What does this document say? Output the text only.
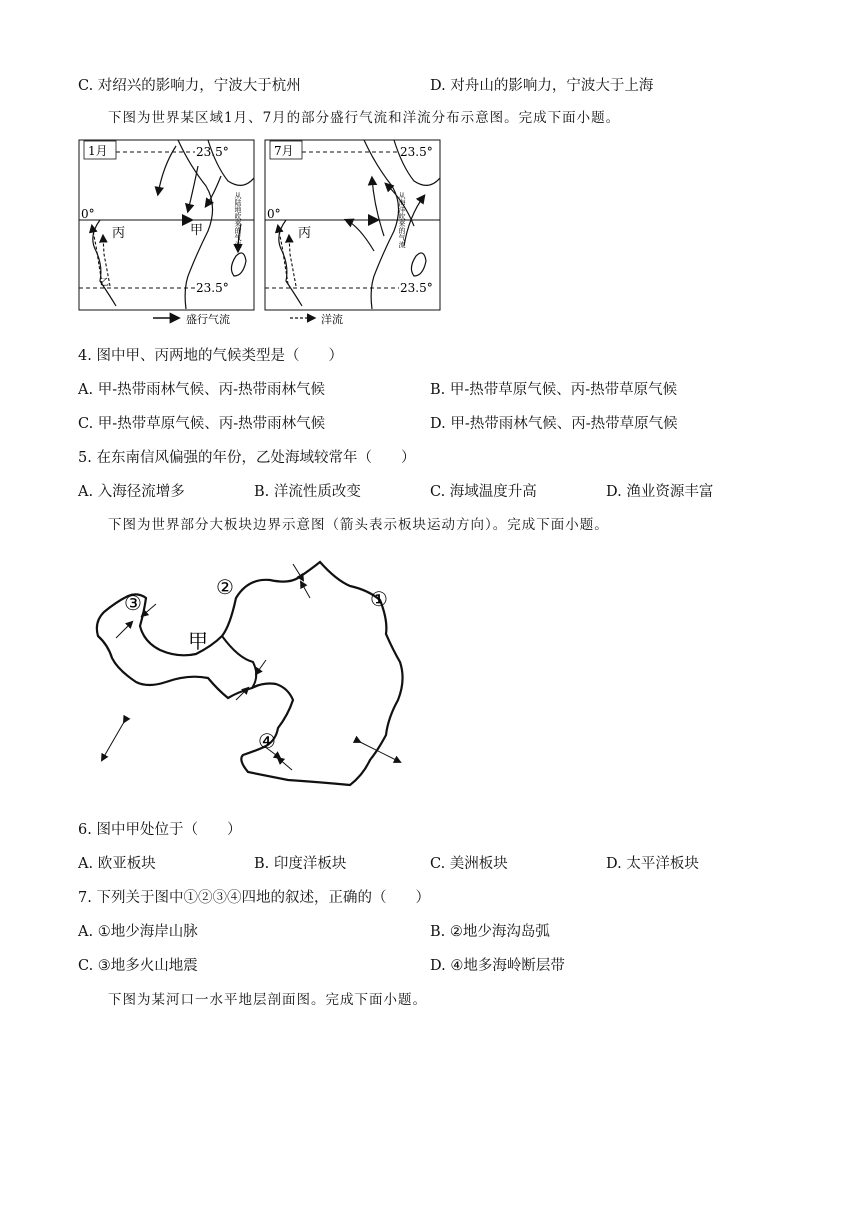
C. 对绍兴的影响力，宁波大于杭州	D. 对舟山的影响力，宁波大于上海
下图为世界某区域1月、7月的部分盛行气流和洋流分布示意图。完成下面小题。
1月	23.5°
0°
23.5°
丙	甲	从陆地吹来的气流
乙
7月	23.5°
0°
23.5°
丙	从海洋吹来的气流
盛行气流	洋流
4. 图中甲、丙两地的气候类型是（　　）
A. 甲-热带雨林气候、丙-热带雨林气候	B. 甲-热带草原气候、丙-热带草原气候
C. 甲-热带草原气候、丙-热带雨林气候	D. 甲-热带雨林气候、丙-热带草原气候
5. 在东南信风偏强的年份，乙处海域较常年（　　）
A. 入海径流增多	B. 洋流性质改变	C. 海域温度升高	D. 渔业资源丰富
下图为世界部分大板块边界示意图（箭头表示板块运动方向）。完成下面小题。
甲
①
②
③
④
6. 图中甲处位于（　　）
A. 欧亚板块	B. 印度洋板块	C. 美洲板块	D. 太平洋板块
7. 下列关于图中①②③④四地的叙述，正确的（　　）
A. ①地少海岸山脉	B. ②地少海沟岛弧
C. ③地多火山地震	D. ④地多海岭断层带
下图为某河口一水平地层剖面图。完成下面小题。
